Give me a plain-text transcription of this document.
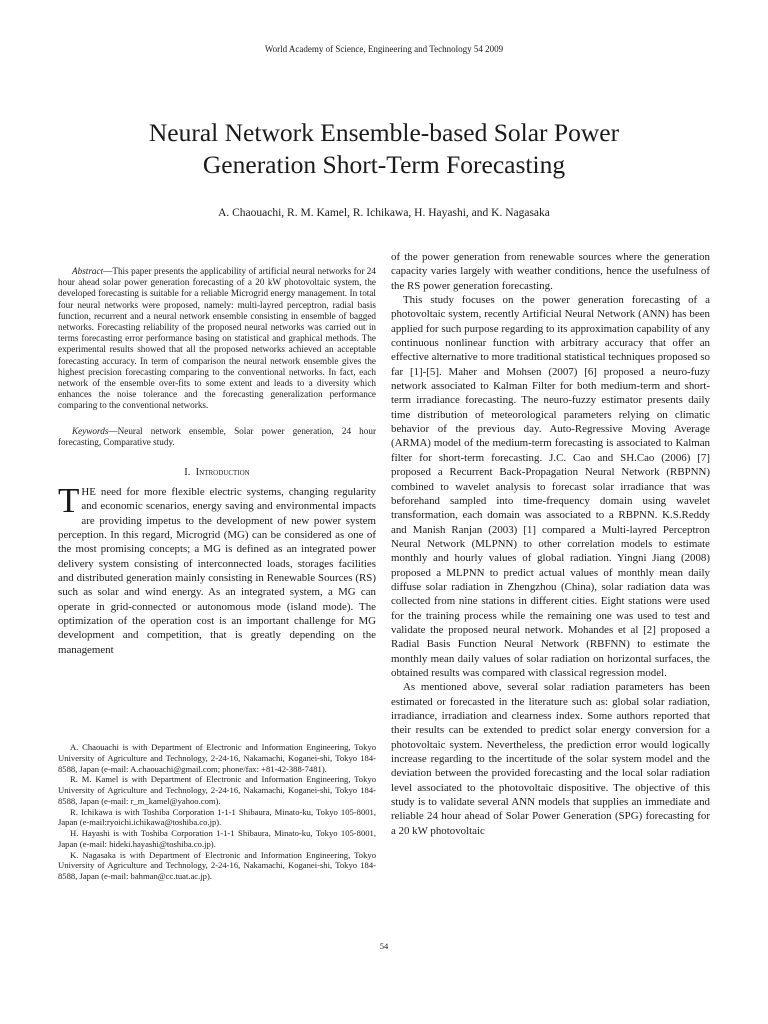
World Academy of Science, Engineering and Technology 54 2009
Neural Network Ensemble-based Solar Power
Generation Short-Term Forecasting
A. Chaouachi, R. M. Kamel, R. Ichikawa, H. Hayashi, and K. Nagasaka

Abstract—This paper presents the applicability of artificial neural networks for 24 hour ahead solar power generation forecasting of a 20 kW photovoltaic system, the developed forecasting is suitable for a reliable Microgrid energy management. In total four neural networks were proposed, namely: multi-layred perceptron, radial basis function, recurrent and a neural network ensemble consisting in ensemble of bagged networks. Forecasting reliability of the proposed neural networks was carried out in terms forecasting error performance basing on statistical and graphical methods. The experimental results showed that all the proposed networks achieved an acceptable forecasting accuracy. In term of comparison the neural network ensemble gives the highest precision forecasting comparing to the conventional networks. In fact, each network of the ensemble over-fits to some extent and leads to a diversity which enhances the noise tolerance and the forecasting generalization performance comparing to the conventional networks.

Keywords—Neural network ensemble, Solar power generation, 24 hour forecasting, Comparative study.

I. Introduction

THE need for more flexible electric systems, changing regularity and economic scenarios, energy saving and environmental impacts are providing impetus to the development of new power system perception. In this regard, Microgrid (MG) can be considered as one of the most promising concepts; a MG is defined as an integrated power delivery system consisting of interconnected loads, storages facilities and distributed generation mainly consisting in Renewable Sources (RS) such as solar and wind energy. As an integrated system, a MG can operate in grid-connected or autonomous mode (island mode). The optimization of the operation cost is an important challenge for MG development and competition, that is greatly depending on the management

A. Chaouachi is with Department of Electronic and Information Engineering, Tokyo University of Agriculture and Technology, 2-24-16, Nakamachi, Koganei-shi, Tokyo 184-8588, Japan (e-mail: A.chaouachi@gmail.com; phone/fax: +81-42-388-7481).

R. M. Kamel is with Department of Electronic and Information Engineering, Tokyo University of Agriculture and Technology, 2-24-16, Nakamachi, Koganei-shi, Tokyo 184-8588, Japan (e-mail: r_m_kamel@yahoo.com).

R. Ichikawa is with Toshiba Corporation 1-1-1 Shibaura, Minato-ku, Tokyo 105-8001, Japan (e-mail:ryoichi.ichikawa@toshiba.co.jp).

H. Hayashi is with Toshiba Corporation 1-1-1 Shibaura, Minato-ku, Tokyo 105-8001, Japan (e-mail: hideki.hayashi@toshiba.co.jp).

K. Nagasaka is with Department of Electronic and Information Engineering, Tokyo University of Agriculture and Technology, 2-24-16, Nakamachi, Koganei-shi, Tokyo 184-8588, Japan (e-mail: bahman@cc.tuat.ac.jp).

of the power generation from renewable sources where the generation capacity varies largely with weather conditions, hence the usefulness of the RS power generation forecasting.

This study focuses on the power generation forecasting of a photovoltaic system, recently Artificial Neural Network (ANN) has been applied for such purpose regarding to its approximation capability of any continuous nonlinear function with arbitrary accuracy that offer an effective alternative to more traditional statistical techniques proposed so far [1]-[5]. Maher and Mohsen (2007) [6] proposed a neuro-fuzy network associated to Kalman Filter for both medium-term and short-term irradiance forecasting. The neuro-fuzzy estimator presents daily time distribution of meteorological parameters relying on climatic behavior of the previous day. Auto-Regressive Moving Average (ARMA) model of the medium-term forecasting is associated to Kalman filter for short-term forecasting. J.C. Cao and SH.Cao (2006) [7] proposed a Recurrent Back-Propagation Neural Network (RBPNN) combined to wavelet analysis to forecast solar irradiance that was beforehand sampled into time-frequency domain using wavelet transformation, each domain was associated to a RBPNN. K.S.Reddy and Manish Ranjan (2003) [1] compared a Multi-layred Perceptron Neural Network (MLPNN) to other correlation models to estimate monthly and hourly values of global radiation. Yingni Jiang (2008) proposed a MLPNN to predict actual values of monthly mean daily diffuse solar radiation in Zhengzhou (China), solar radiation data was collected from nine stations in different cities. Eight stations were used for the training process while the remaining one was used to test and validate the proposed neural network. Mohandes et al [2] proposed a Radial Basis Function Neural Network (RBFNN) to estimate the monthly mean daily values of solar radiation on horizontal surfaces, the obtained results was compared with classical regression model.

As mentioned above, several solar radiation parameters has been estimated or forecasted in the literature such as: global solar radiation, irradiance, irradiation and clearness index. Some authors reported that their results can be extended to predict solar energy conversion for a photovoltaic system. Nevertheless, the prediction error would logically increase regarding to the incertitude of the solar system model and the deviation between the provided forecasting and the local solar radiation level associated to the photovoltaic dispositive. The objective of this study is to validate several ANN models that supplies an immediate and reliable 24 hour ahead of Solar Power Generation (SPG) forecasting for a 20 kW photovoltaic

54
